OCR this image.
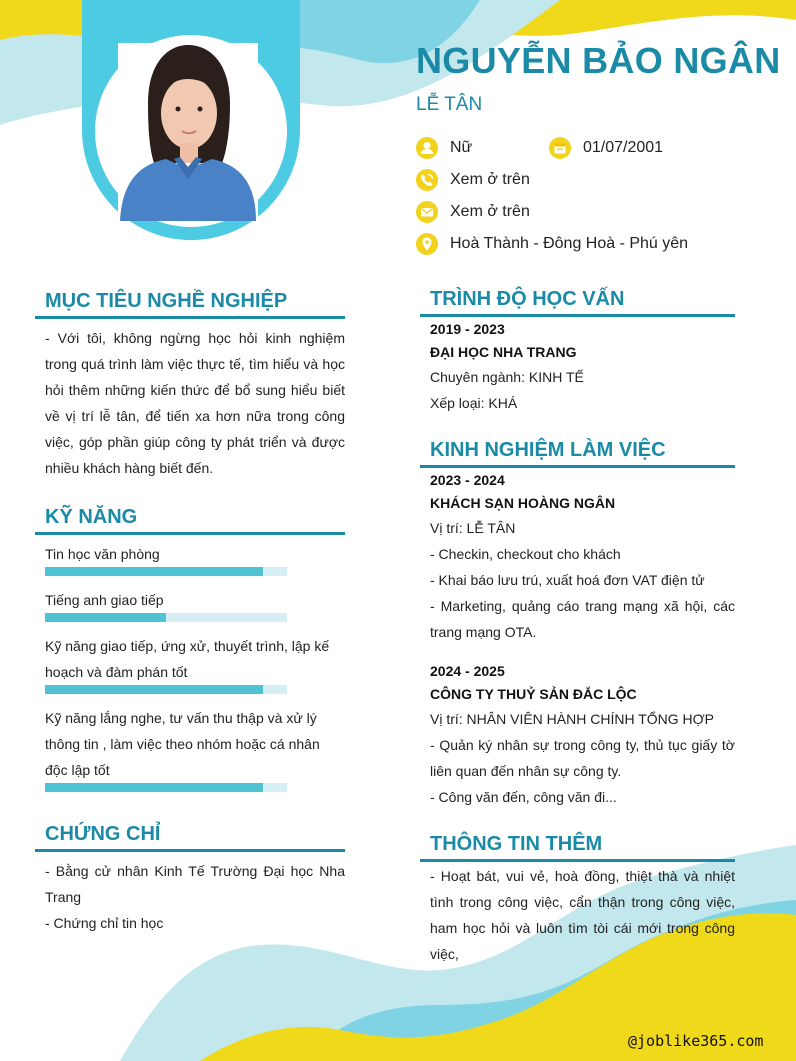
NGUYỄN BẢO NGÂN
LỄ TÂN
Nữ	01/07/2001
Xem ở trên
Xem ở trên
Hoà Thành - Đông Hoà - Phú yên
MỤC TIÊU NGHỀ NGHIỆP

- Với tôi, không ngừng học hỏi kinh nghiệm trong quá trình làm việc thực tế, tìm hiểu và học hỏi thêm những kiến thức để bổ sung hiểu biết về vị trí lễ tân, để tiến xa hơn nữa trong công việc, góp phần giúp công ty phát triển và được nhiều khách hàng biết đến.

KỸ NĂNG
Tin học văn phòng
Tiếng anh giao tiếp
Kỹ năng giao tiếp, ứng xử, thuyết trình, lập kế hoạch và đàm phán tốt
Kỹ năng lắng nghe, tư vấn thu thập và xử lý thông tin , làm việc theo nhóm hoặc cá nhân độc lập tốt
CHỨNG CHỈ

- Bằng cử nhân Kinh Tế Trường Đại học Nha Trang

- Chứng chỉ tin học

TRÌNH ĐỘ HỌC VẤN
2019 - 2023
ĐẠI HỌC NHA TRANG
Chuyên ngành: KINH TẾ
Xếp loại: KHÁ
KINH NGHIỆM LÀM VIỆC
2023 - 2024
KHÁCH SẠN HOÀNG NGÂN
Vị trí: LỄ TÂN
- Checkin, checkout cho khách
- Khai báo lưu trú, xuất hoá đơn VAT điện tử
- Marketing, quảng cáo trang mạng xã hội, các trang mạng OTA.
2024 - 2025
CÔNG TY THUỶ SẢN ĐẮC LỘC
Vị trí: NHÂN VIÊN HÀNH CHÍNH TỔNG HỢP
- Quản ký nhân sự trong công ty, thủ tục giấy tờ liên quan đến nhân sự công ty.
- Công văn đến, công văn đi...
THÔNG TIN THÊM

- Hoạt bát, vui vẻ, hoà đồng, thiệt thà và nhiệt tình trong công việc, cẩn thận trong công việc, ham học hỏi và luôn tìm tòi cái mới trong công việc,

@joblike365.com
